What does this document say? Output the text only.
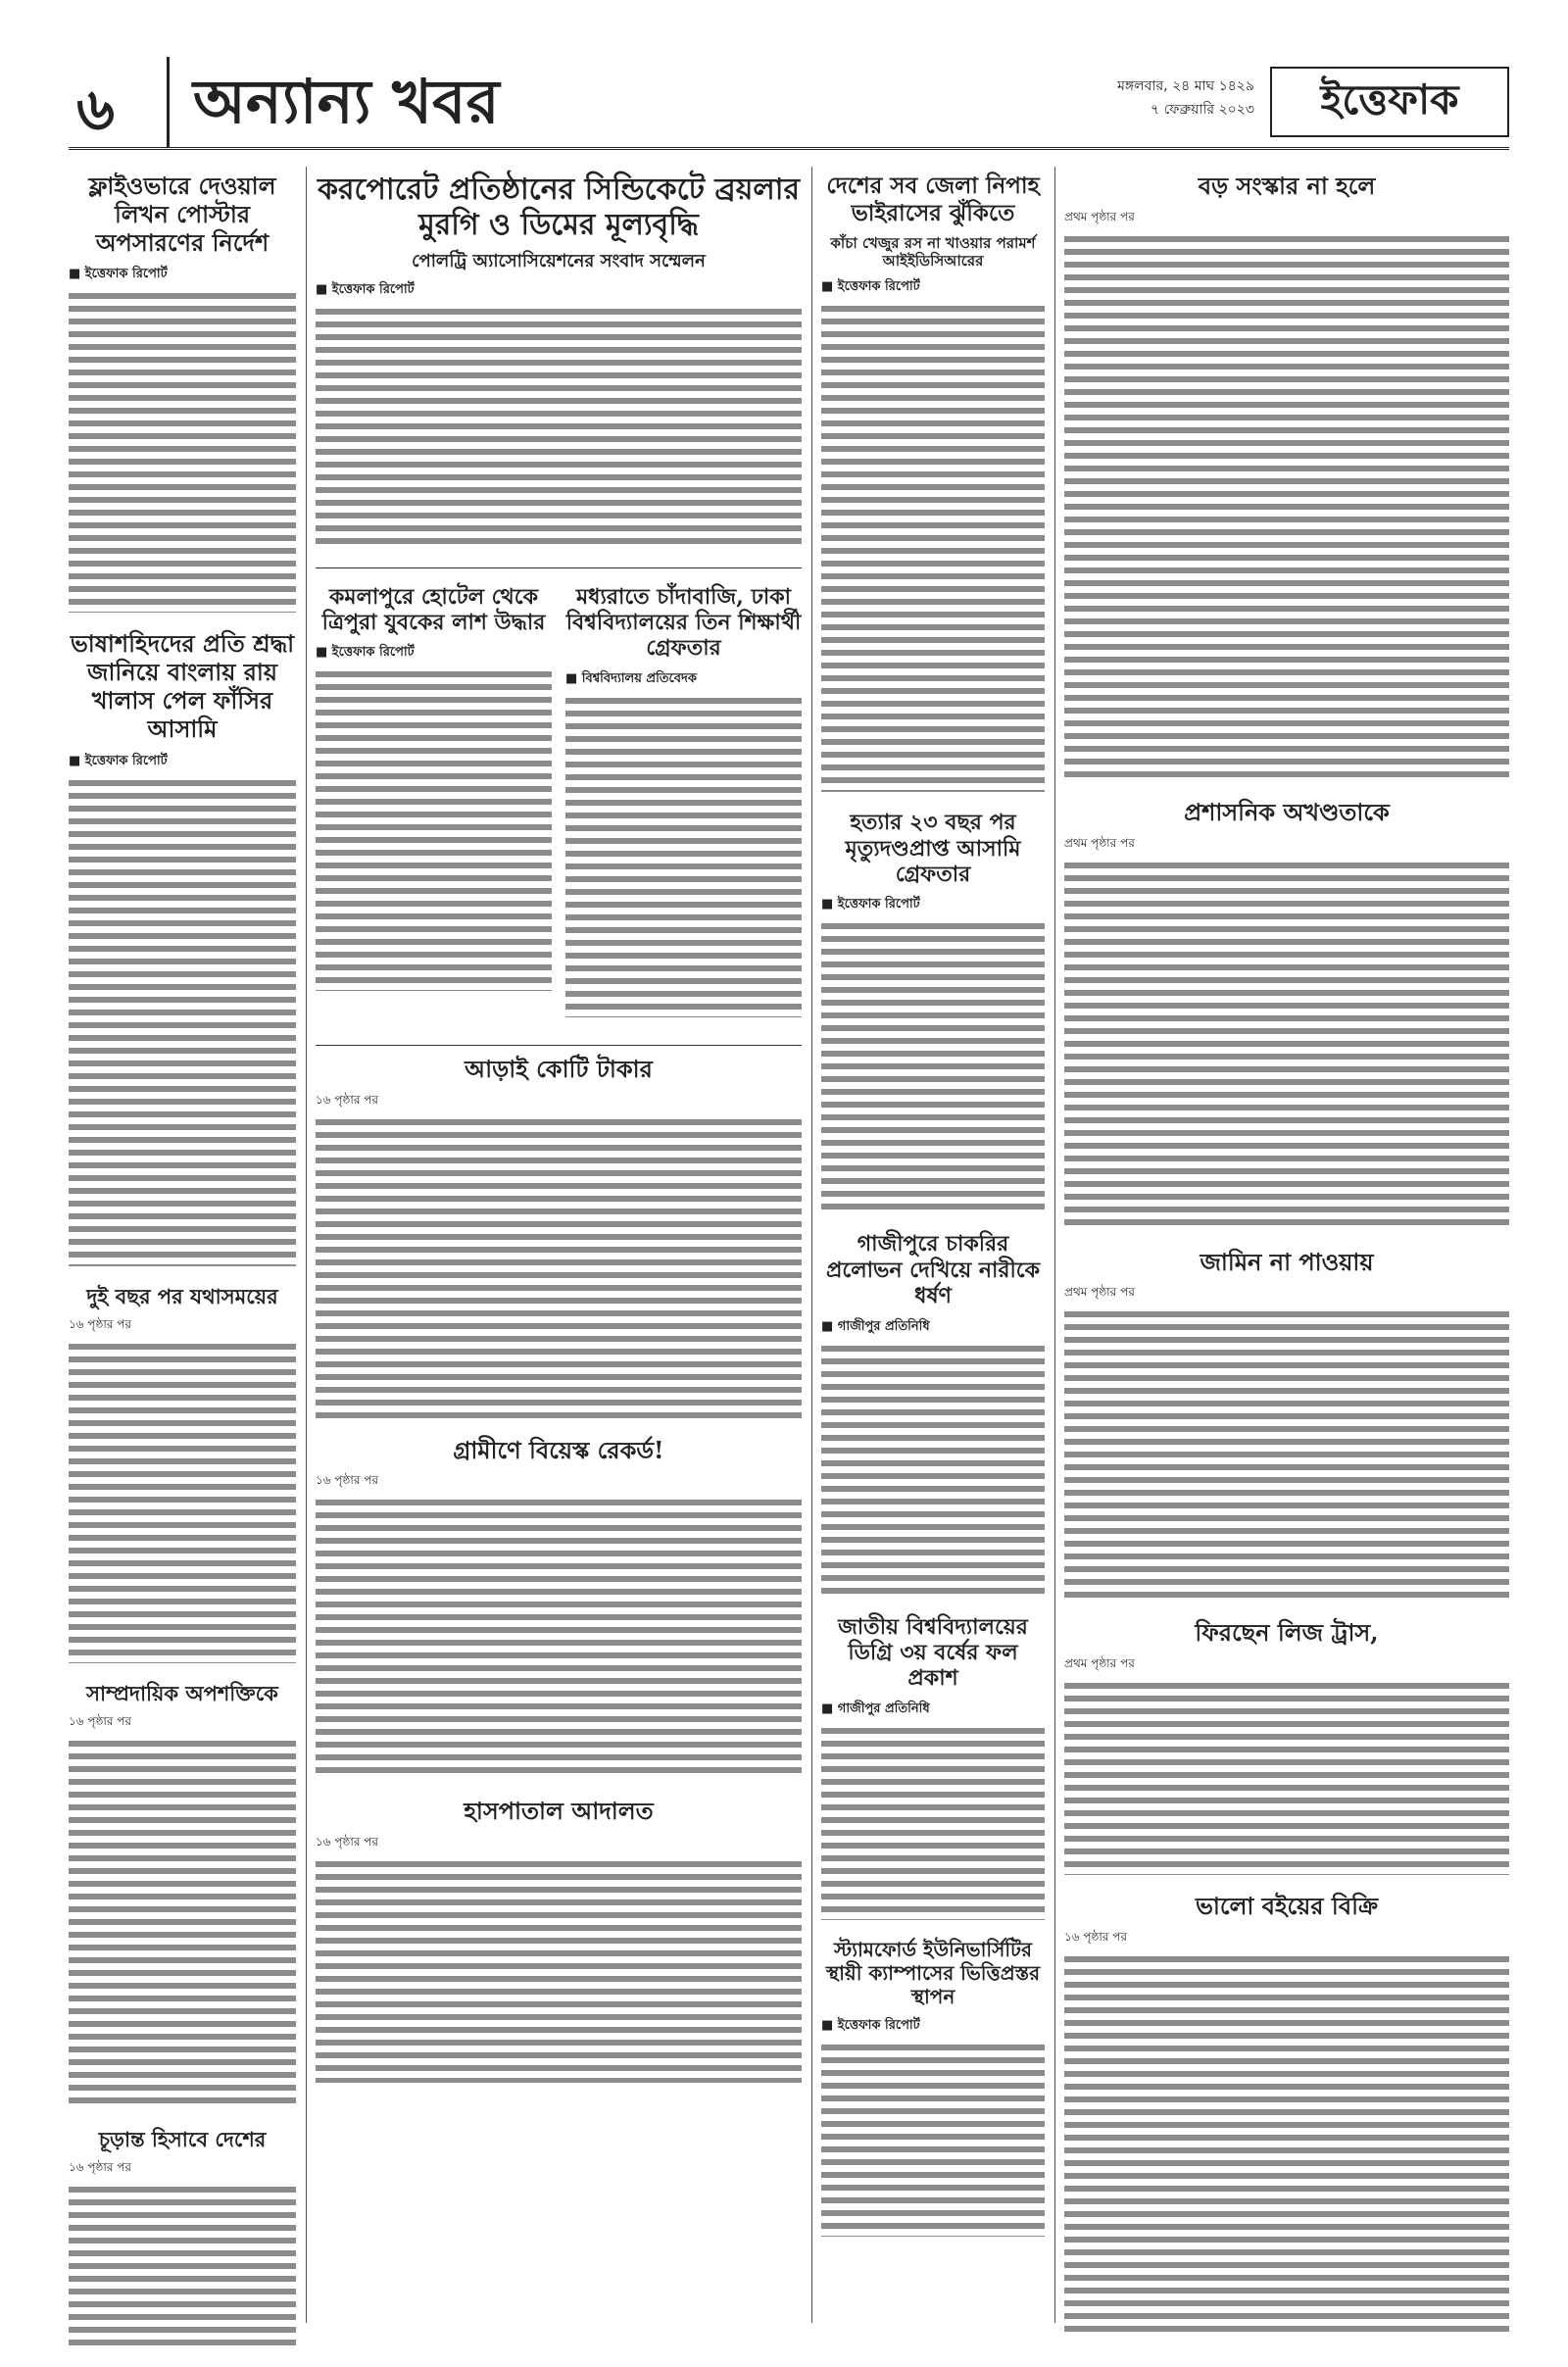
৬	অন্যান্য খবর	মঙ্গলবার, ২৪ মাঘ ১৪২৯
৭ ফেব্রুয়ারি ২০২৩	ইত্তেফাক
ফ্লাইওভারে দেওয়াল লিখন পোস্টার অপসারণের নির্দেশ
■ ইত্তেফাক রিপোর্ট
ভাষাশহিদদের প্রতি শ্রদ্ধা জানিয়ে বাংলায় রায় খালাস পেল ফাঁসির আসামি
■ ইত্তেফাক রিপোর্ট
দুই বছর পর যথাসময়ের
১৬ পৃষ্ঠার পর
সাম্প্রদায়িক অপশক্তিকে
১৬ পৃষ্ঠার পর
চূড়ান্ত হিসাবে দেশের
১৬ পৃষ্ঠার পর
করপোরেট প্রতিষ্ঠানের সিন্ডিকেটে ব্রয়লার মুরগি ও ডিমের মূল্যবৃদ্ধি
পোলট্রি অ্যাসোসিয়েশনের সংবাদ সম্মেলন
■ ইত্তেফাক রিপোর্ট
কমলাপুরে হোটেল থেকে ত্রিপুরা যুবকের লাশ উদ্ধার
■ ইত্তেফাক রিপোর্ট
মধ্যরাতে চাঁদাবাজি, ঢাকা বিশ্ববিদ্যালয়ের তিন শিক্ষার্থী গ্রেফতার
■ বিশ্ববিদ্যালয় প্রতিবেদক
আড়াই কোটি টাকার
১৬ পৃষ্ঠার পর
গ্রামীণে বিয়েস্ক রেকর্ড!
১৬ পৃষ্ঠার পর
হাসপাতাল আদালত
১৬ পৃষ্ঠার পর
দেশের সব জেলা নিপাহ ভাইরাসের ঝুঁকিতে
কাঁচা খেজুর রস না খাওয়ার পরামর্শ আইইডিসিআরের
■ ইত্তেফাক রিপোর্ট
হত্যার ২৩ বছর পর মৃত্যুদণ্ডপ্রাপ্ত আসামি গ্রেফতার
■ ইত্তেফাক রিপোর্ট
গাজীপুরে চাকরির প্রলোভন দেখিয়ে নারীকে ধর্ষণ
■ গাজীপুর প্রতিনিধি
জাতীয় বিশ্ববিদ্যালয়ের ডিগ্রি ৩য় বর্ষের ফল প্রকাশ
■ গাজীপুর প্রতিনিধি
স্ট্যামফোর্ড ইউনিভার্সিটির স্থায়ী ক্যাম্পাসের ভিত্তিপ্রস্তর স্থাপন
■ ইত্তেফাক রিপোর্ট
বড় সংস্কার না হলে
প্রথম পৃষ্ঠার পর
প্রশাসনিক অখণ্ডতাকে
প্রথম পৃষ্ঠার পর
জামিন না পাওয়ায়
প্রথম পৃষ্ঠার পর
ফিরছেন লিজ ট্রাস,
প্রথম পৃষ্ঠার পর
ভালো বইয়ের বিক্রি
১৬ পৃষ্ঠার পর
